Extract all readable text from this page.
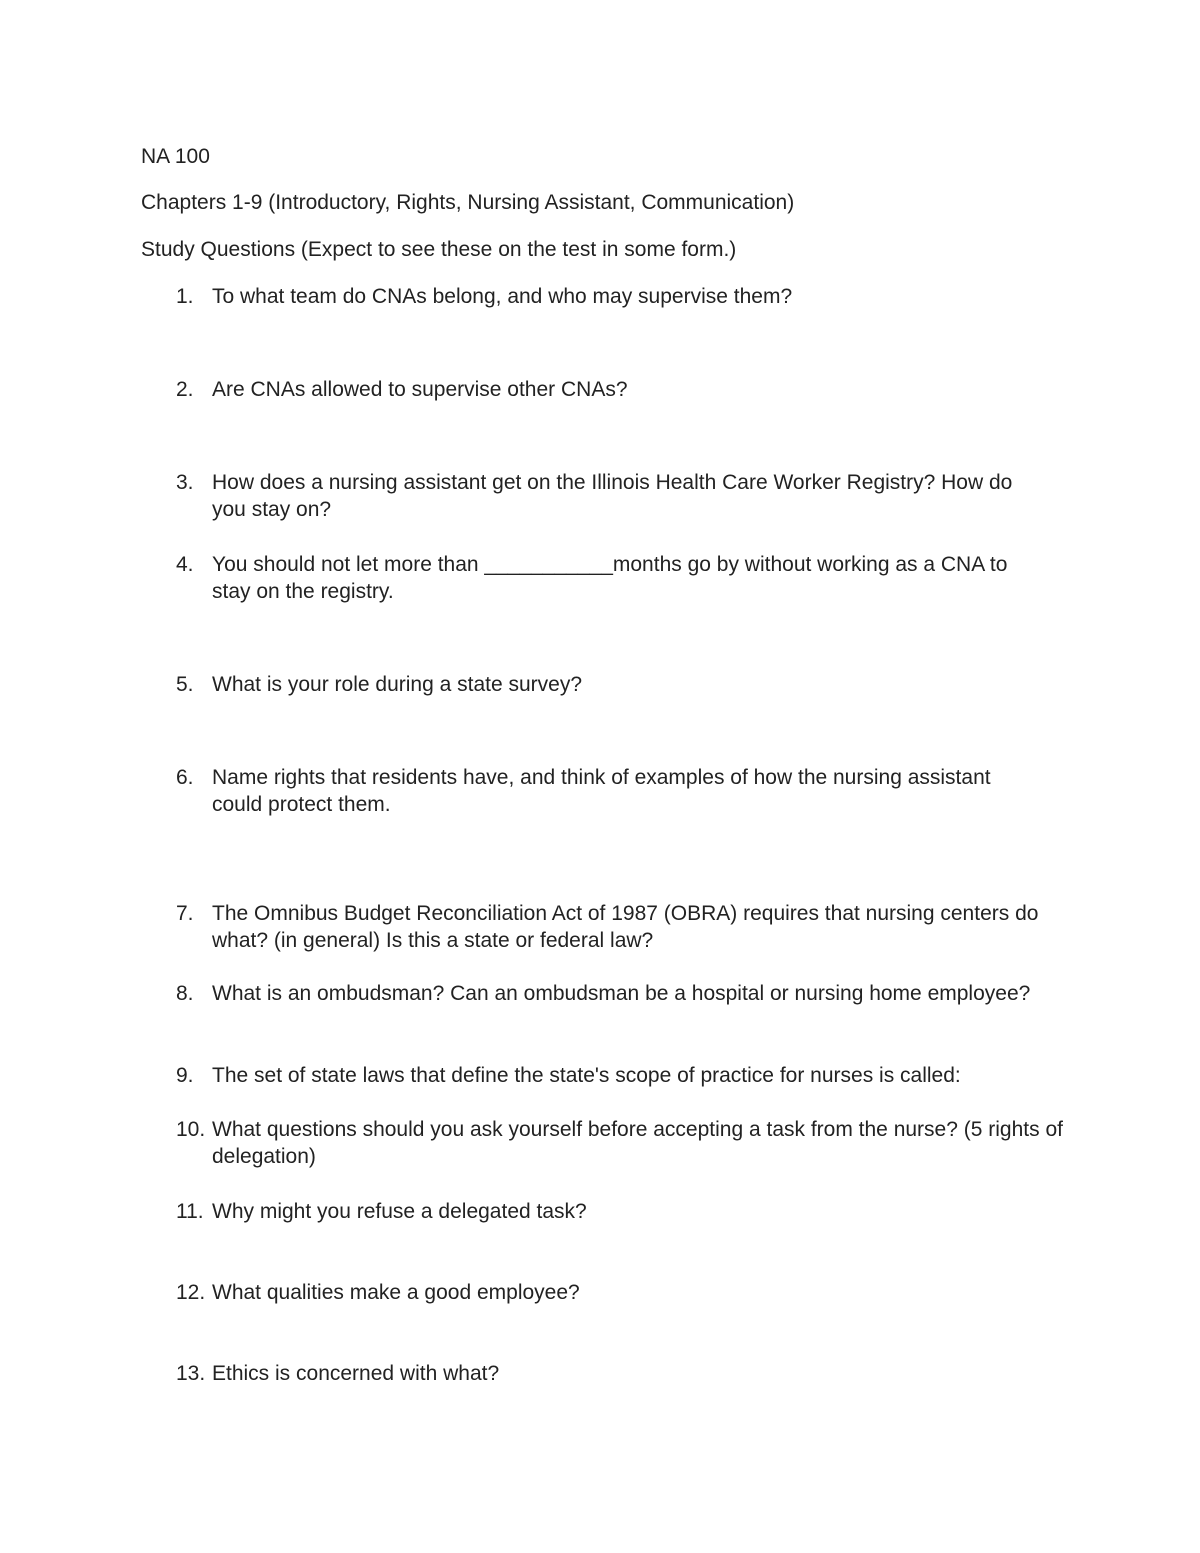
NA 100
Chapters 1-9 (Introductory, Rights, Nursing Assistant, Communication)
Study Questions (Expect to see these on the test in some form.)
1. To what team do CNAs belong, and who may supervise them?
2. Are CNAs allowed to supervise other CNAs?
3. How does a nursing assistant get on the Illinois Health Care Worker Registry? How do you stay on?
4. You should not let more than ___________months go by without working as a CNA to stay on the registry.
5. What is your role during a state survey?
6. Name rights that residents have, and think of examples of how the nursing assistant could protect them.
7. The Omnibus Budget Reconciliation Act of 1987 (OBRA) requires that nursing centers do what? (in general) Is this a state or federal law?
8. What is an ombudsman? Can an ombudsman be a hospital or nursing home employee?
9. The set of state laws that define the state's scope of practice for nurses is called:
10. What questions should you ask yourself before accepting a task from the nurse? (5 rights of delegation)
11. Why might you refuse a delegated task?
12. What qualities make a good employee?
13. Ethics is concerned with what?
